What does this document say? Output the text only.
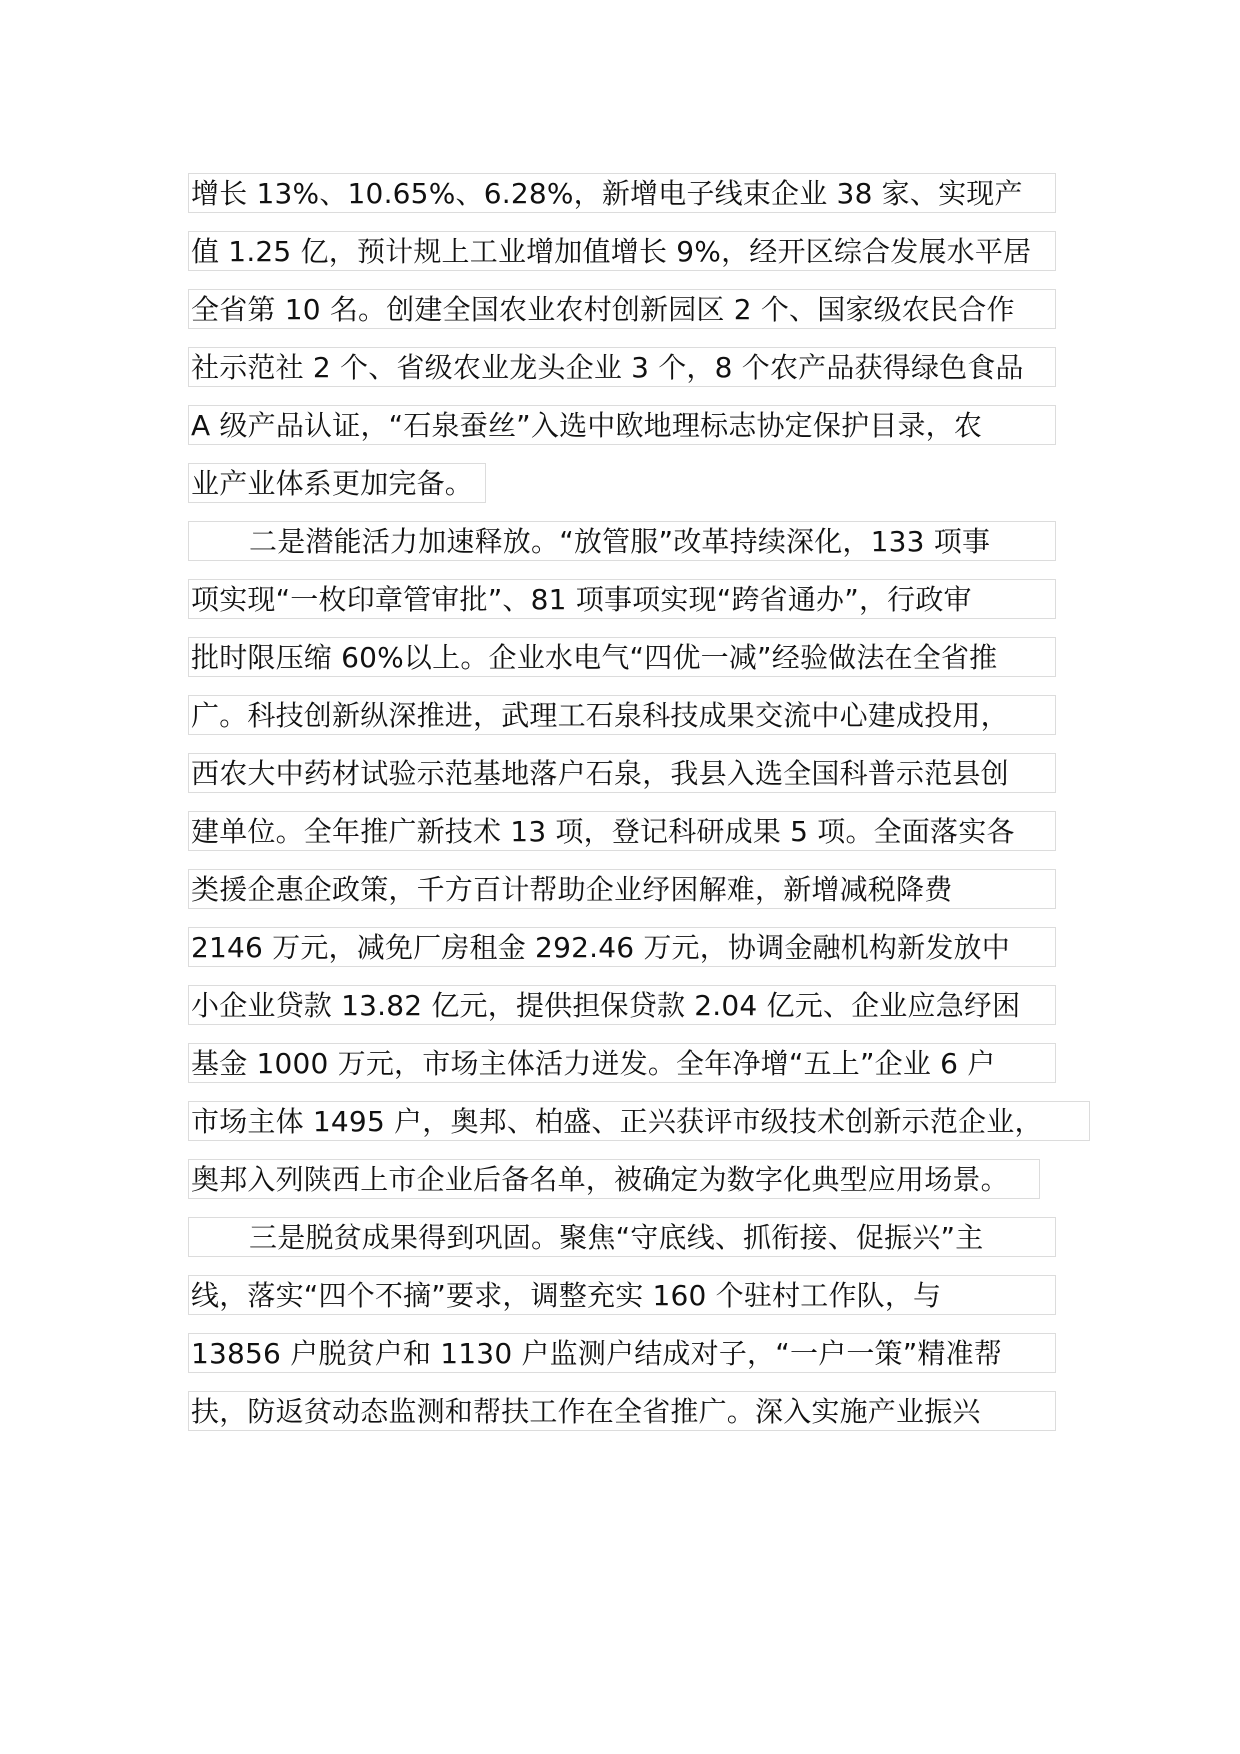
增长 13%、10.65%、6.28%，新增电子线束企业 38 家、实现产
值 1.25 亿，预计规上工业增加值增长 9%，经开区综合发展水平居
全省第 10 名。创建全国农业农村创新园区 2 个、国家级农民合作
社示范社 2 个、省级农业龙头企业 3 个，8 个农产品获得绿色食品
A 级产品认证，“石泉蚕丝”入选中欧地理标志协定保护目录，农
业产业体系更加完备。
二是潜能活力加速释放。“放管服”改革持续深化，133 项事
项实现“一枚印章管审批”、81 项事项实现“跨省通办”，行政审
批时限压缩 60%以上。企业水电气“四优一减”经验做法在全省推
广。科技创新纵深推进，武理工石泉科技成果交流中心建成投用，
西农大中药材试验示范基地落户石泉，我县入选全国科普示范县创
建单位。全年推广新技术 13 项，登记科研成果 5 项。全面落实各
类援企惠企政策，千方百计帮助企业纾困解难，新增减税降费
2146 万元，减免厂房租金 292.46 万元，协调金融机构新发放中
小企业贷款 13.82 亿元，提供担保贷款 2.04 亿元、企业应急纾困
基金 1000 万元，市场主体活力迸发。全年净增“五上”企业 6 户
市场主体 1495 户，奥邦、柏盛、正兴获评市级技术创新示范企业，
奥邦入列陕西上市企业后备名单，被确定为数字化典型应用场景。
三是脱贫成果得到巩固。聚焦“守底线、抓衔接、促振兴”主
线，落实“四个不摘”要求，调整充实 160 个驻村工作队，与
13856 户脱贫户和 1130 户监测户结成对子，“一户一策”精准帮
扶，防返贫动态监测和帮扶工作在全省推广。深入实施产业振兴
